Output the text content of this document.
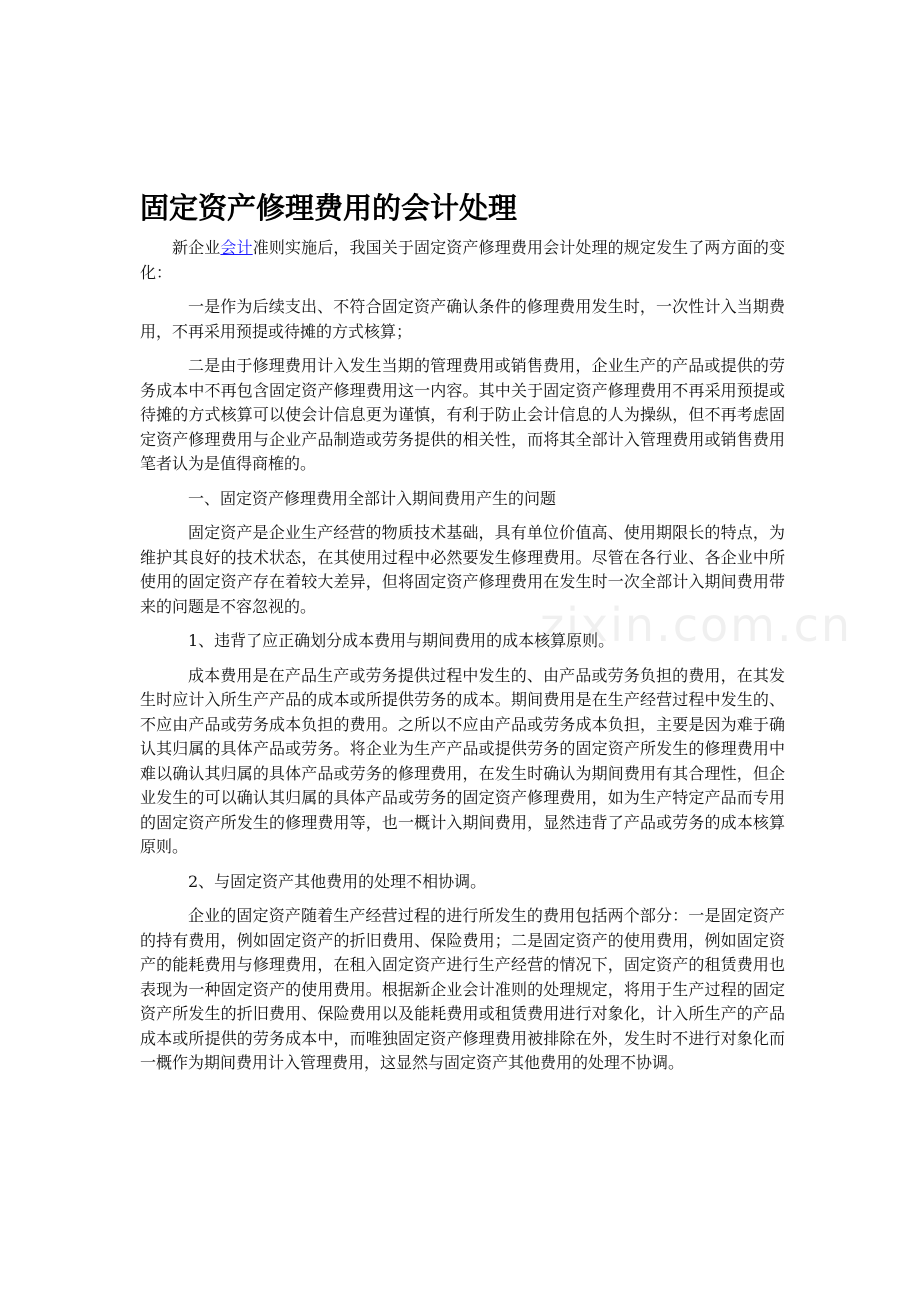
zixin.com.cn
固定资产修理费用的会计处理

新企业会计准则实施后，我国关于固定资产修理费用会计处理的规定发生了两方面的变化：

一是作为后续支出、不符合固定资产确认条件的修理费用发生时，一次性计入当期费用，不再采用预提或待摊的方式核算；

二是由于修理费用计入发生当期的管理费用或销售费用，企业生产的产品或提供的劳务成本中不再包含固定资产修理费用这一内容。其中关于固定资产修理费用不再采用预提或待摊的方式核算可以使会计信息更为谨慎，有利于防止会计信息的人为操纵，但不再考虑固定资产修理费用与企业产品制造或劳务提供的相关性，而将其全部计入管理费用或销售费用笔者认为是值得商榷的。

一、固定资产修理费用全部计入期间费用产生的问题

固定资产是企业生产经营的物质技术基础，具有单位价值高、使用期限长的特点，为维护其良好的技术状态，在其使用过程中必然要发生修理费用。尽管在各行业、各企业中所使用的固定资产存在着较大差异，但将固定资产修理费用在发生时一次全部计入期间费用带来的问题是不容忽视的。

1、违背了应正确划分成本费用与期间费用的成本核算原则。

成本费用是在产品生产或劳务提供过程中发生的、由产品或劳务负担的费用，在其发生时应计入所生产产品的成本或所提供劳务的成本。期间费用是在生产经营过程中发生的、不应由产品或劳务成本负担的费用。之所以不应由产品或劳务成本负担，主要是因为难于确认其归属的具体产品或劳务。将企业为生产产品或提供劳务的固定资产所发生的修理费用中难以确认其归属的具体产品或劳务的修理费用，在发生时确认为期间费用有其合理性，但企业发生的可以确认其归属的具体产品或劳务的固定资产修理费用，如为生产特定产品而专用的固定资产所发生的修理费用等，也一概计入期间费用，显然违背了产品或劳务的成本核算原则。

2、与固定资产其他费用的处理不相协调。

企业的固定资产随着生产经营过程的进行所发生的费用包括两个部分：一是固定资产的持有费用，例如固定资产的折旧费用、保险费用；二是固定资产的使用费用，例如固定资产的能耗费用与修理费用，在租入固定资产进行生产经营的情况下，固定资产的租赁费用也表现为一种固定资产的使用费用。根据新企业会计准则的处理规定，将用于生产过程的固定资产所发生的折旧费用、保险费用以及能耗费用或租赁费用进行对象化，计入所生产的产品成本或所提供的劳务成本中，而唯独固定资产修理费用被排除在外，发生时不进行对象化而一概作为期间费用计入管理费用，这显然与固定资产其他费用的处理不协调。
